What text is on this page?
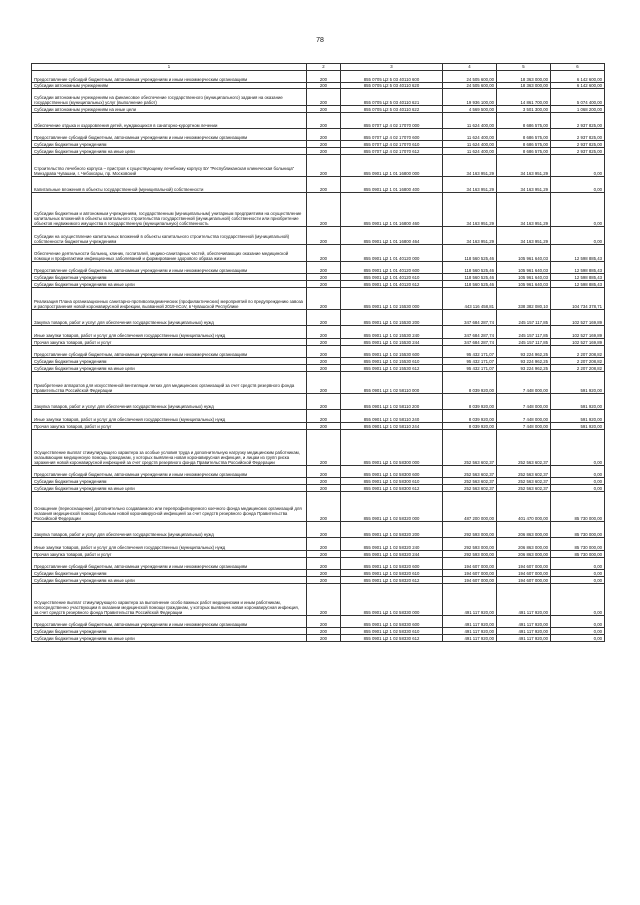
78
1	2	3	4	5	6
Предоставление субсидий бюджетным, автономным учреждениям и иным некоммерческим организациям	200	855 0705 Ц2 5 03 40110 600	24 505 600,00	18 363 000,00	6 142 600,00
Субсидии автономным учреждениям	200	855 0705 Ц2 5 03 40110 620	24 505 600,00	18 363 000,00	6 142 600,00
Субсидии автономным учреждениям на финансовое обеспечение государственного (муниципального) задания на оказание государственных (муниципальных) услуг (выполнение работ)	200	855 0705 Ц2 5 03 40110 621	19 936 100,00	14 861 700,00	5 074 400,00
Субсидии автономным учреждениям на иные цели	200	855 0705 Ц2 5 03 40110 622	4 569 500,00	3 501 300,00	1 068 200,00
Обеспечение отдыха и оздоровления детей, нуждающихся в санаторно-курортном лечении	200	855 0707 Ц2 4 02 17070 000	11 624 400,00	8 686 575,00	2 937 825,00
Предоставление субсидий бюджетным, автономным учреждениям и иным некоммерческим организациям	200	855 0707 Ц2 4 02 17070 600	11 624 400,00	8 686 575,00	2 937 825,00
Субсидии бюджетным учреждениям	200	855 0707 Ц2 4 02 17070 610	11 624 400,00	8 686 575,00	2 937 825,00
Субсидии бюджетным учреждениям на иные цели	200	855 0707 Ц2 4 02 17070 612	11 624 400,00	8 686 575,00	2 937 825,00
Строительство лечебного корпуса – пристроя к существующему лечебному корпусу БУ "Республиканская клиническая больница" Минздрава Чувашии, г. Чебоксары, пр. Московский	200	855 0901 Ц2 1 01 16800 000	34 163 951,29	34 163 951,29	0,00
Капитальные вложения в объекты государственной (муниципальной) собственности	200	855 0901 Ц2 1 01 16800 400	34 163 951,29	34 163 951,29	0,00
Субсидии бюджетным и автономным учреждениям, государственным (муниципальным) унитарным предприятиям на осуществление капитальных вложений в объекты капитального строительства государственной (муниципальной) собственности или приобретение объектов недвижимого имущества в государственную (муниципальную) собственность	200	855 0901 Ц2 1 01 16800 460	34 163 951,29	34 163 951,29	0,00
Субсидии на осуществление капитальных вложений в объекты капитального строительства государственной (муниципальной) собственности бюджетным учреждениям	200	855 0901 Ц2 1 01 16800 464	34 163 951,29	34 163 951,29	0,00
Обеспечение деятельности больниц, клиник, госпиталей, медико-санитарных частей, обеспечивающих оказание медицинской помощи и профилактики инфекционных заболеваний и формирование здорового образа жизни	200	855 0901 Ц2 1 01 40120 000	118 560 525,46	105 961 640,03	12 598 885,43
Предоставление субсидий бюджетным, автономным учреждениям и иным некоммерческим организациям	200	855 0901 Ц2 1 01 40120 600	118 560 525,46	105 961 640,03	12 598 885,43
Субсидии бюджетным учреждениям	200	855 0901 Ц2 1 01 40120 610	118 560 525,46	105 961 640,03	12 598 885,43
Субсидии бюджетным учреждениям на иные цели	200	855 0901 Ц2 1 01 40120 612	118 560 525,46	105 961 640,03	12 598 885,43
Реализация Плана организационных санитарно-противоэпидемических (профилактических) мероприятий по предупреждению завоза и распространения новой коронавирусной инфекции, вызванной 2019-nCoV, в Чувашской Республике	200	855 0901 Ц2 1 02 15530 000	443 116 458,81	338 382 080,10	104 734 378,71
Закупка товаров, работ и услуг для обеспечения государственных (муниципальных) нужд	200	855 0901 Ц2 1 02 15530 200	347 684 287,74	245 157 117,85	102 527 169,89
Иные закупки товаров, работ и услуг для обеспечения государственных (муниципальных) нужд	200	855 0901 Ц2 1 02 15530 240	347 684 287,74	245 157 117,85	102 527 169,89
Прочая закупка товаров, работ и услуг	200	855 0901 Ц2 1 02 15530 244	347 684 287,74	245 157 117,85	102 527 169,89
Предоставление субсидий бюджетным, автономным учреждениям и иным некоммерческим организациям	200	855 0901 Ц2 1 02 15530 600	95 432 171,07	93 224 962,25	2 207 208,82
Субсидии бюджетным учреждениям	200	855 0901 Ц2 1 02 15530 610	95 432 171,07	93 224 962,25	2 207 208,82
Субсидии бюджетным учреждениям на иные цели	200	855 0901 Ц2 1 02 15530 612	95 432 171,07	93 224 962,25	2 207 208,82
Приобретение аппаратов для искусственной вентиляции легких для медицинских организаций за счет средств резервного фонда Правительства Российской Федерации	200	855 0901 Ц2 1 02 58110 000	8 039 920,00	7 448 000,00	591 920,00
Закупка товаров, работ и услуг для обеспечения государственных (муниципальных) нужд	200	855 0901 Ц2 1 02 58110 200	8 039 920,00	7 448 000,00	591 920,00
Иные закупки товаров, работ и услуг для обеспечения государственных (муниципальных) нужд	200	855 0901 Ц2 1 02 58110 240	8 039 920,00	7 448 000,00	591 920,00
Прочая закупка товаров, работ и услуг	200	855 0901 Ц2 1 02 58110 244	8 039 920,00	7 448 000,00	591 920,00
Осуществление выплат стимулирующего характера за особые условия труда и дополнительную нагрузку медицинским работникам, оказывающим медицинскую помощь гражданам, у которых выявлена новая коронавирусная инфекция, и лицам из групп риска заражения новой коронавирусной инфекцией за счет средств резервного фонда Правительства Российской Федерации	200	855 0901 Ц2 1 02 58300 000	252 563 602,37	252 563 602,37	0,00
Предоставление субсидий бюджетным, автономным учреждениям и иным некоммерческим организациям	200	855 0901 Ц2 1 02 58300 600	252 563 602,37	252 563 602,37	0,00
Субсидии бюджетным учреждениям	200	855 0901 Ц2 1 02 58300 610	252 563 602,37	252 563 602,37	0,00
Субсидии бюджетным учреждениям на иные цели	200	855 0901 Ц2 1 02 58300 612	252 563 602,37	252 563 602,37	0,00
Оснащение (переоснащение) дополнительно создаваемого или перепрофилируемого коечного фонда медицинских организаций для оказания медицинской помощи больным новой коронавирусной инфекцией за счет средств резервного фонда Правительства Российской Федерации	200	855 0901 Ц2 1 02 58320 000	487 200 000,00	401 470 000,00	85 730 000,00
Закупка товаров, работ и услуг для обеспечения государственных (муниципальных) нужд	200	855 0901 Ц2 1 02 58320 200	292 593 000,00	206 863 000,00	85 730 000,00
Иные закупки товаров, работ и услуг для обеспечения государственных (муниципальных) нужд	200	855 0901 Ц2 1 02 58320 240	292 593 000,00	206 863 000,00	85 730 000,00
Прочая закупка товаров, работ и услуг	200	855 0901 Ц2 1 02 58320 244	292 593 000,00	206 863 000,00	85 730 000,00
Предоставление субсидий бюджетным, автономным учреждениям и иным некоммерческим организациям	200	855 0901 Ц2 1 02 58320 600	194 607 000,00	194 607 000,00	0,00
Субсидии бюджетным учреждениям	200	855 0901 Ц2 1 02 58320 610	194 607 000,00	194 607 000,00	0,00
Субсидии бюджетным учреждениям на иные цели	200	855 0901 Ц2 1 02 58320 612	194 607 000,00	194 607 000,00	0,00
Осуществление выплат стимулирующего характера за выполнение особо важных работ медицинским и иным работникам, непосредственно участвующим в оказании медицинской помощи гражданам, у которых выявлена новая коронавирусная инфекция, за счет средств резервного фонда Правительства Российской Федерации	200	855 0901 Ц2 1 02 58330 000	491 117 920,00	491 117 920,00	0,00
Предоставление субсидий бюджетным, автономным учреждениям и иным некоммерческим организациям	200	855 0901 Ц2 1 02 58330 600	491 117 920,00	491 117 920,00	0,00
Субсидии бюджетным учреждениям	200	855 0901 Ц2 1 02 58330 610	491 117 920,00	491 117 920,00	0,00
Субсидии бюджетным учреждениям на иные цели	200	855 0901 Ц2 1 02 58330 612	491 117 920,00	491 117 920,00	0,00
